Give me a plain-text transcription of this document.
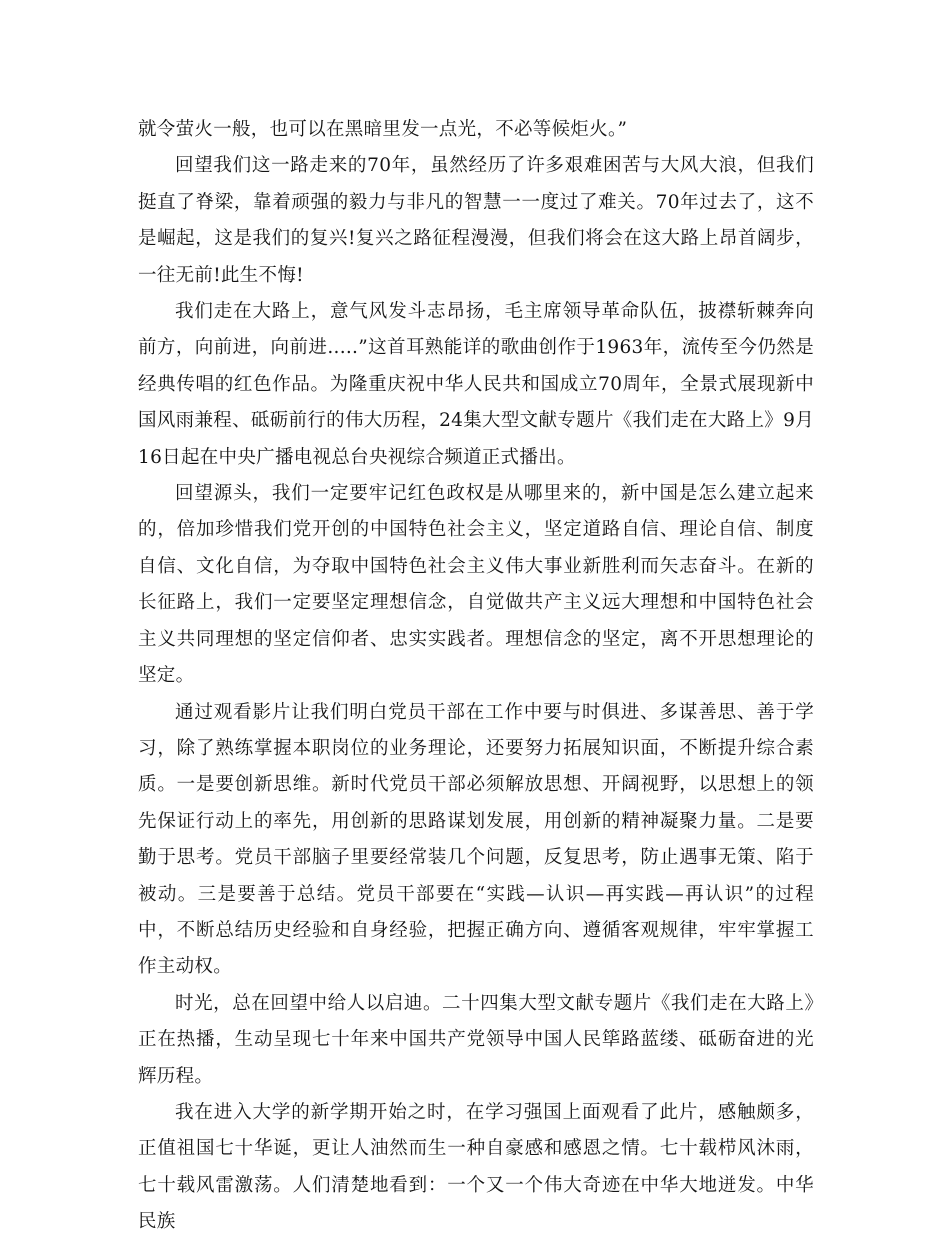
就令萤火一般，也可以在黑暗里发一点光，不必等候炬火。”

回望我们这一路走来的70年，虽然经历了许多艰难困苦与大风大浪，但我们挺直了脊梁，靠着顽强的毅力与非凡的智慧一一度过了难关。70年过去了，这不是崛起，这是我们的复兴!复兴之路征程漫漫，但我们将会在这大路上昂首阔步，一往无前!此生不悔!

我们走在大路上，意气风发斗志昂扬，毛主席领导革命队伍，披襟斩棘奔向前方，向前进，向前进.....”这首耳熟能详的歌曲创作于1963年，流传至今仍然是经典传唱的红色作品。为隆重庆祝中华人民共和国成立70周年，全景式展现新中国风雨兼程、砥砺前行的伟大历程，24集大型文献专题片《我们走在大路上》9月16日起在中央广播电视总台央视综合频道正式播出。

回望源头，我们一定要牢记红色政权是从哪里来的，新中国是怎么建立起来的，倍加珍惜我们党开创的中国特色社会主义，坚定道路自信、理论自信、制度自信、文化自信，为夺取中国特色社会主义伟大事业新胜利而矢志奋斗。在新的长征路上，我们一定要坚定理想信念，自觉做共产主义远大理想和中国特色社会主义共同理想的坚定信仰者、忠实实践者。理想信念的坚定，离不开思想理论的坚定。

通过观看影片让我们明白党员干部在工作中要与时俱进、多谋善思、善于学习，除了熟练掌握本职岗位的业务理论，还要努力拓展知识面，不断提升综合素质。一是要创新思维。新时代党员干部必须解放思想、开阔视野，以思想上的领先保证行动上的率先，用创新的思路谋划发展，用创新的精神凝聚力量。二是要勤于思考。党员干部脑子里要经常装几个问题，反复思考，防止遇事无策、陷于被动。三是要善于总结。党员干部要在“实践—认识—再实践—再认识”的过程中，不断总结历史经验和自身经验，把握正确方向、遵循客观规律，牢牢掌握工作主动权。

时光，总在回望中给人以启迪。二十四集大型文献专题片《我们走在大路上》正在热播，生动呈现七十年来中国共产党领导中国人民筚路蓝缕、砥砺奋进的光辉历程。

我在进入大学的新学期开始之时，在学习强国上面观看了此片，感触颇多，正值祖国七十华诞，更让人油然而生一种自豪感和感恩之情。七十载栉风沐雨，七十载风雷激荡。人们清楚地看到：一个又一个伟大奇迹在中华大地迸发。中华民族
